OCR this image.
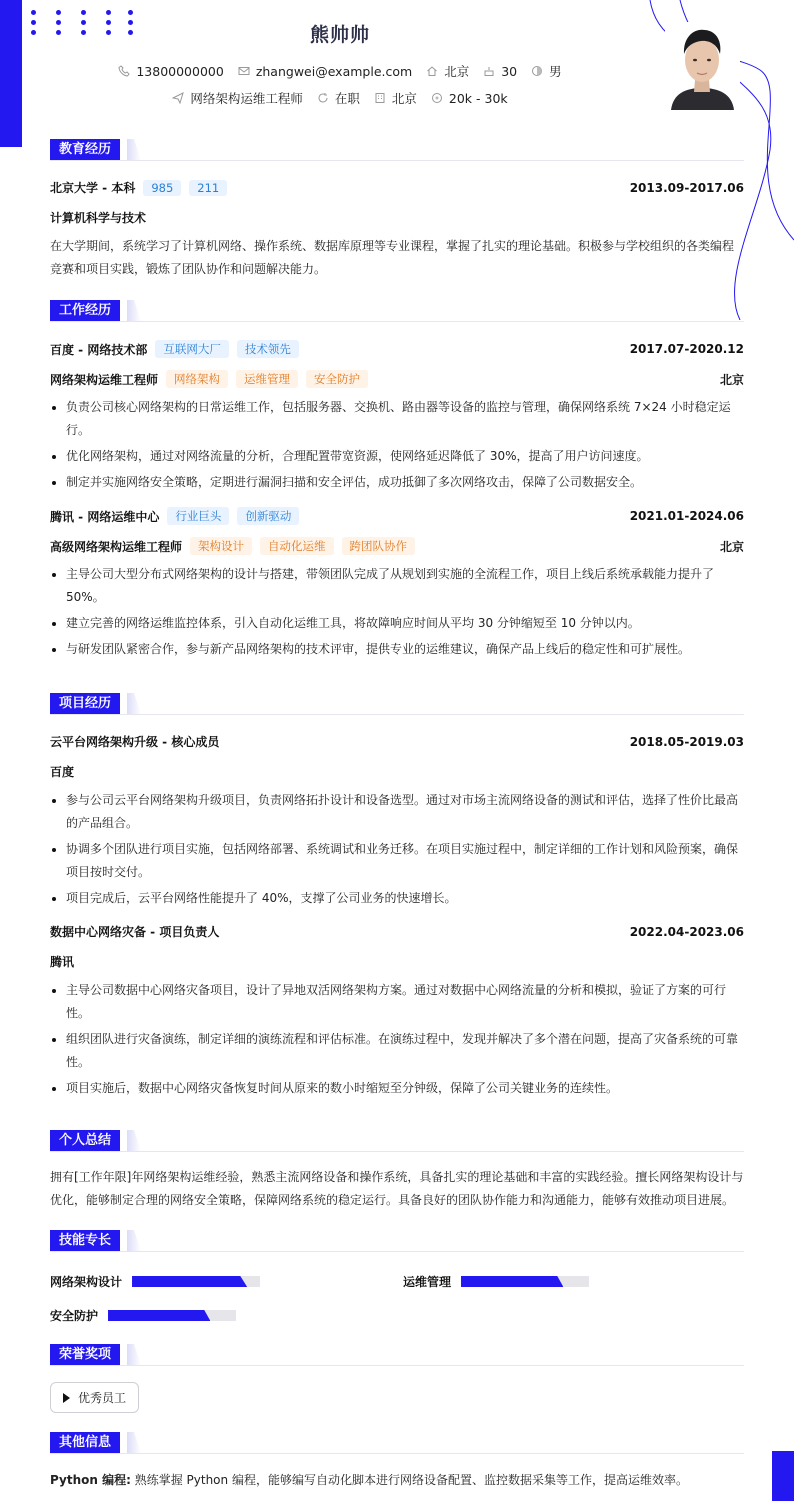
熊帅帅
13800000000	zhangwei@example.com	北京	30	男
网络架构运维工程师	在职	北京	20k - 30k
教育经历
北京大学 - 本科	985	211	2013.09-2017.06
计算机科学与技术
在大学期间，系统学习了计算机网络、操作系统、数据库原理等专业课程，掌握了扎实的理论基础。积极参与学校组织的各类编程竞赛和项目实践，锻炼了团队协作和问题解决能力。
工作经历
百度 - 网络技术部	互联网大厂	技术领先	2017.07-2020.12
网络架构运维工程师	网络架构	运维管理	安全防护	北京
负责公司核心网络架构的日常运维工作，包括服务器、交换机、路由器等设备的监控与管理，确保网络系统 7×24 小时稳定运行。
优化网络架构，通过对网络流量的分析，合理配置带宽资源，使网络延迟降低了 30%，提高了用户访问速度。
制定并实施网络安全策略，定期进行漏洞扫描和安全评估，成功抵御了多次网络攻击，保障了公司数据安全。
腾讯 - 网络运维中心	行业巨头	创新驱动	2021.01-2024.06
高级网络架构运维工程师	架构设计	自动化运维	跨团队协作	北京
主导公司大型分布式网络架构的设计与搭建，带领团队完成了从规划到实施的全流程工作，项目上线后系统承载能力提升了 50%。
建立完善的网络运维监控体系，引入自动化运维工具，将故障响应时间从平均 30 分钟缩短至 10 分钟以内。
与研发团队紧密合作，参与新产品网络架构的技术评审，提供专业的运维建议，确保产品上线后的稳定性和可扩展性。
项目经历
云平台网络架构升级 - 核心成员	2018.05-2019.03
百度
参与公司云平台网络架构升级项目，负责网络拓扑设计和设备选型。通过对市场主流网络设备的测试和评估，选择了性价比最高的产品组合。
协调多个团队进行项目实施，包括网络部署、系统调试和业务迁移。在项目实施过程中，制定详细的工作计划和风险预案，确保项目按时交付。
项目完成后，云平台网络性能提升了 40%，支撑了公司业务的快速增长。
数据中心网络灾备 - 项目负责人	2022.04-2023.06
腾讯
主导公司数据中心网络灾备项目，设计了异地双活网络架构方案。通过对数据中心网络流量的分析和模拟，验证了方案的可行性。
组织团队进行灾备演练，制定详细的演练流程和评估标准。在演练过程中，发现并解决了多个潜在问题，提高了灾备系统的可靠性。
项目实施后，数据中心网络灾备恢复时间从原来的数小时缩短至分钟级，保障了公司关键业务的连续性。
个人总结
拥有[工作年限]年网络架构运维经验，熟悉主流网络设备和操作系统，具备扎实的理论基础和丰富的实践经验。擅长网络架构设计与优化，能够制定合理的网络安全策略，保障网络系统的稳定运行。具备良好的团队协作能力和沟通能力，能够有效推动项目进展。
技能专长
网络架构设计	运维管理
安全防护
荣誉奖项
优秀员工
其他信息
Python 编程: 熟练掌握 Python 编程，能够编写自动化脚本进行网络设备配置、监控数据采集等工作，提高运维效率。
